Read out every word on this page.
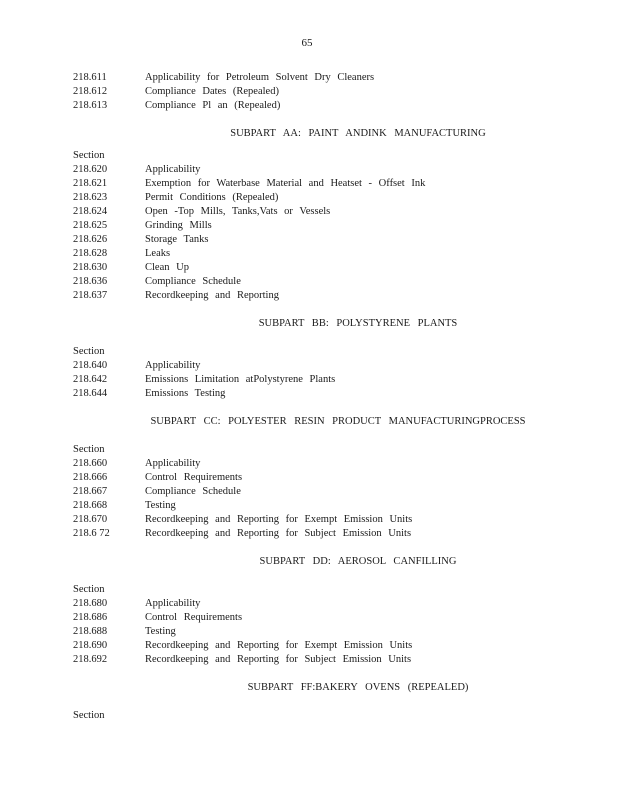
65
218.611	Applicability for Petroleum Solvent Dry Cleaners
218.612	Compliance Dates (Repealed)
218.613	Compliance Pl an (Repealed)
SUBPART AA: PAINT ANDINK MANUFACTURING
Section
218.620	Applicability
218.621	Exemption for Waterbase Material and Heatset - Offset Ink
218.623	Permit Conditions (Repealed)
218.624	Open -Top Mills, Tanks,Vats or Vessels
218.625	Grinding Mills
218.626	Storage Tanks
218.628	Leaks
218.630	Clean Up
218.636	Compliance Schedule
218.637	Recordkeeping and Reporting
SUBPART BB: POLYSTYRENE PLANTS
Section
218.640	Applicability
218.642	Emissions Limitation atPolystyrene Plants
218.644	Emissions Testing
SUBPART CC: POLYESTER RESIN PRODUCT MANUFACTURINGPROCESS
Section
218.660	Applicability
218.666	Control Requirements
218.667	Compliance Schedule
218.668	Testing
218.670	Recordkeeping and Reporting for Exempt Emission Units
218.6 72	Recordkeeping and Reporting for Subject Emission Units
SUBPART DD: AEROSOL CANFILLING
Section
218.680	Applicability
218.686	Control Requirements
218.688	Testing
218.690	Recordkeeping and Reporting for Exempt Emission Units
218.692	Recordkeeping and Reporting for Subject Emission Units
SUBPART FF:BAKERY OVENS (REPEALED)
Section
